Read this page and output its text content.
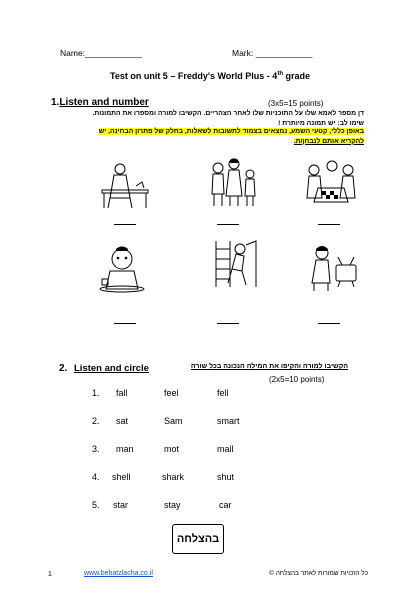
Name:____________	Mark: ____________
Test on unit 5 – Freddy's World Plus - 4th grade
1.Listen and number	(3x5=15 points)
דן מספר לאמא שלו על התוכניות שלו לאחר הצהריים. הקשיבו למורה ומספרו את התמונות.
שימו לב: יש תמונה מיותרת !
באופן כללי, קטעי השמע, נמצאים בצמוד לתשובות לשאלות, בחלק של פתרון הבחינה, יש
להקריא אותם לנבחן/ת.
2. Listen and circle	הקשיבו למורה והקיפו את המילה הנכונה בכל שורה
(2x5=10 points)
1. fall	feel	fell
2. sat	Sam	smart
3. man	mot	mall
4. shell	shark	shut
5. star	stay	car
בהצלחה
1	www.behatzlacha.co.il	כל הזכויות שמורות לאתר בהצלחה ©
